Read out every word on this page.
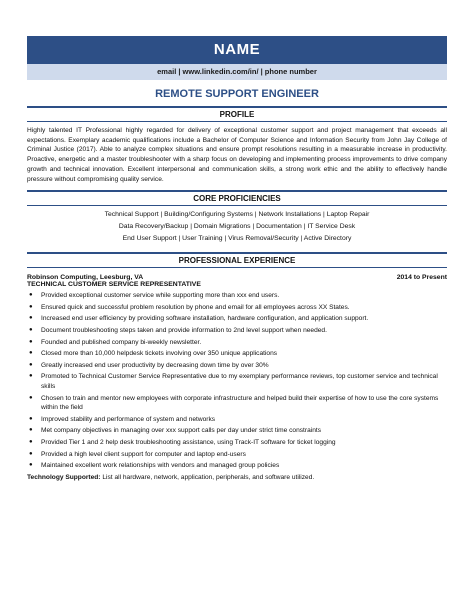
NAME
email | www.linkedin.com/in/ | phone number
REMOTE SUPPORT ENGINEER
PROFILE
Highly talented IT Professional highly regarded for delivery of exceptional customer support and project management that exceeds all expectations. Exemplary academic qualifications include a Bachelor of Computer Science and Information Security from John Jay College of Criminal Justice (2017). Able to analyze complex situations and ensure prompt resolutions resulting in a measurable increase in productivity. Proactive, energetic and a master troubleshooter with a sharp focus on developing and implementing process improvements to drive company growth and technical innovation. Excellent interpersonal and communication skills, a strong work ethic and the ability to effectively handle pressure without compromising quality service.
CORE PROFICIENCIES
Technical Support | Building/Configuring Systems | Network Installations | Laptop Repair
Data Recovery/Backup | Domain Migrations | Documentation | IT Service Desk
End User Support | User Training | Virus Removal/Security | Active Directory
PROFESSIONAL EXPERIENCE
Robinson Computing, Leesburg, VA	2014 to Present
TECHNICAL CUSTOMER SERVICE REPRESENTATIVE
● Provided exceptional customer service while supporting more than xxx end users.
● Ensured quick and successful problem resolution by phone and email for all employees across XX States.
● Increased end user efficiency by providing software installation, hardware configuration, and application support.
● Document troubleshooting steps taken and provide information to 2nd level support when needed.
● Founded and published company bi-weekly newsletter.
● Closed more than 10,000 helpdesk tickets involving over 350 unique applications
● Greatly increased end user productivity by decreasing down time by over 30%
● Promoted to Technical Customer Service Representative due to my exemplary performance reviews, top customer service and technical skills
● Chosen to train and mentor new employees with corporate infrastructure and helped build their expertise of how to use the core systems within the field
● Improved stability and performance of system and networks
● Met company objectives in managing over xxx support calls per day under strict time constraints
● Provided Tier 1 and 2 help desk troubleshooting assistance, using Track-IT software for ticket logging
● Provided a high level client support for computer and laptop end-users
● Maintained excellent work relationships with vendors and managed group policies
Technology Supported: List all hardware, network, application, peripherals, and software utilized.
